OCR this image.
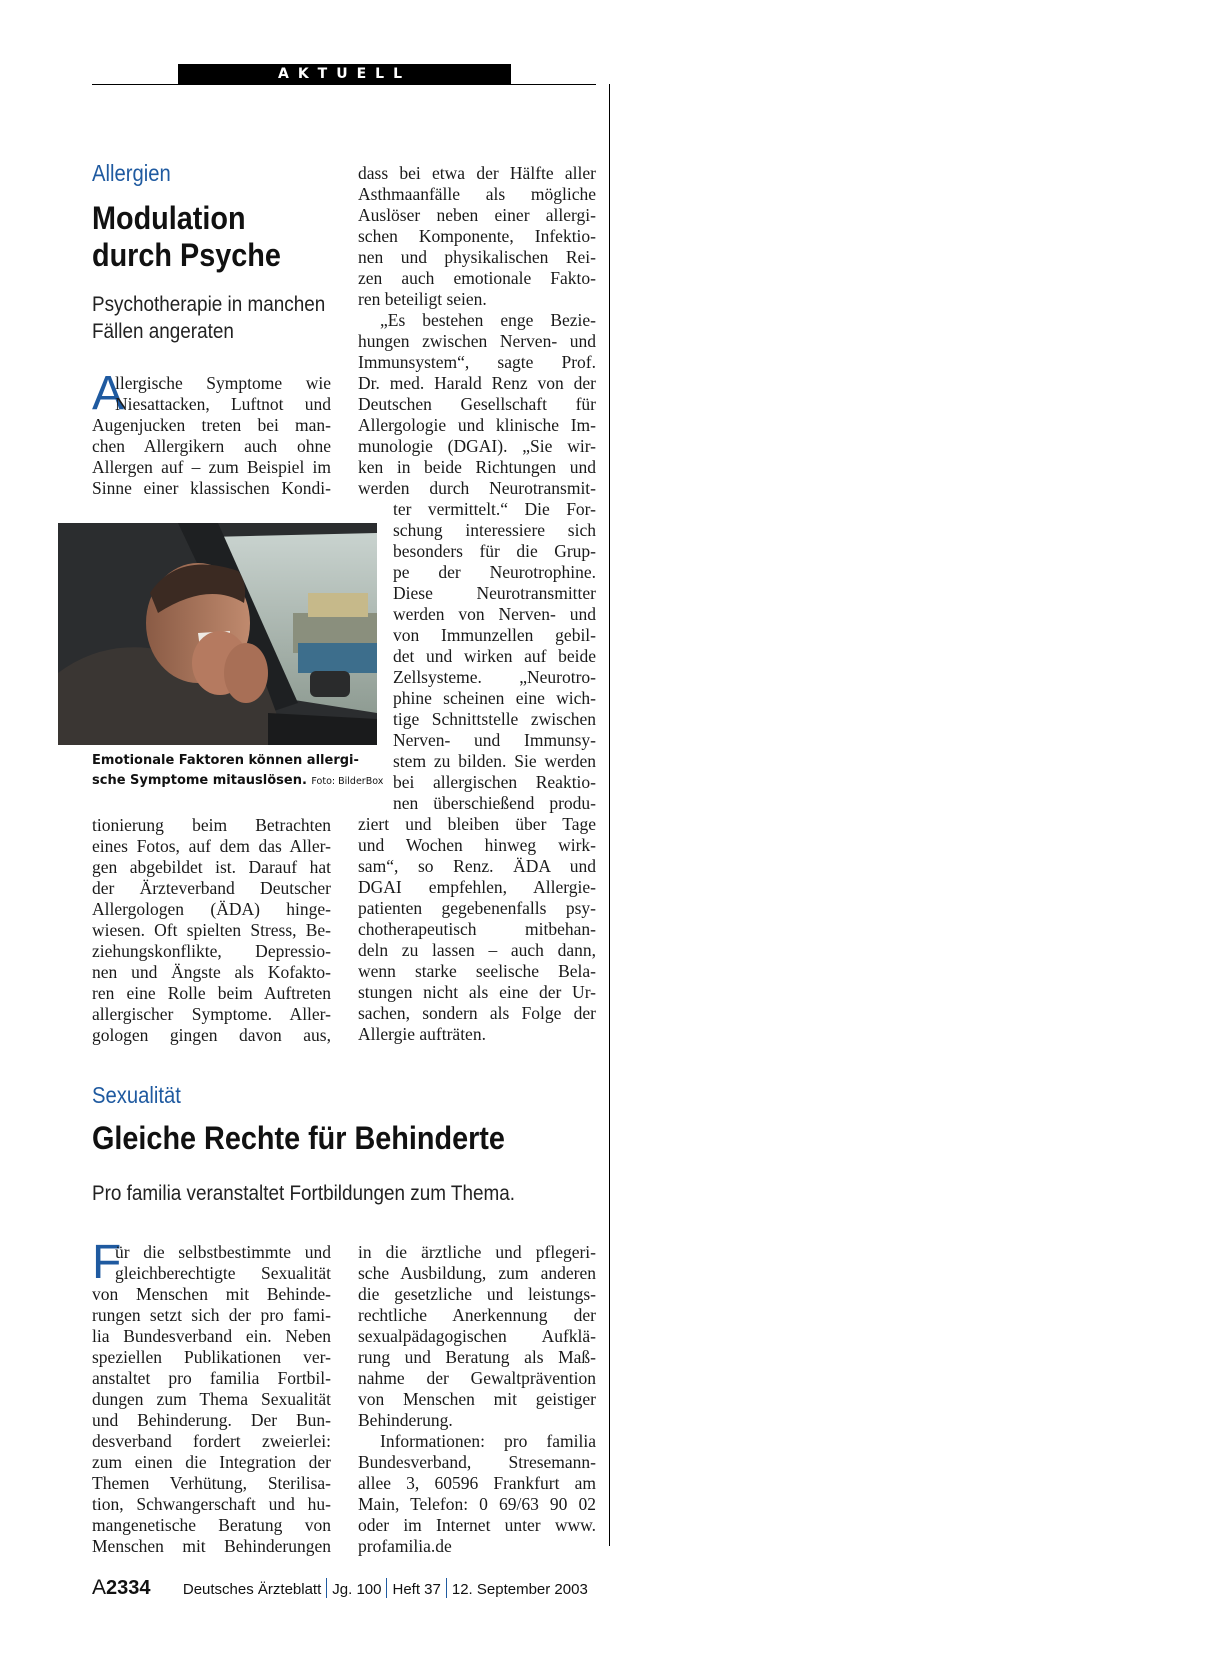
AKTUELL
Allergien
Modulation
durch Psyche
Psychotherapie in manchen
Fällen angeraten
A
llergische Symptome wie
Niesattacken, Luftnot und
Augenjucken treten bei man-
chen Allergikern auch ohne
Allergen auf – zum Beispiel im
Sinne einer klassischen Kondi-
Emotionale Faktoren können allergi-
sche Symptome mitauslösen. Foto: BilderBox
tionierung beim Betrachten
eines Fotos, auf dem das Aller-
gen abgebildet ist. Darauf hat
der Ärzteverband Deutscher
Allergologen (ÄDA) hinge-
wiesen. Oft spielten Stress, Be-
ziehungskonflikte, Depressio-
nen und Ängste als Kofakto-
ren eine Rolle beim Auftreten
allergischer Symptome. Aller-
gologen gingen davon aus,
dass bei etwa der Hälfte aller
Asthmaanfälle als mögliche
Auslöser neben einer allergi-
schen Komponente, Infektio-
nen und physikalischen Rei-
zen auch emotionale Fakto-
ren beteiligt seien.
„Es bestehen enge Bezie-
hungen zwischen Nerven- und
Immunsystem“, sagte Prof.
Dr. med. Harald Renz von der
Deutschen Gesellschaft für
Allergologie und klinische Im-
munologie (DGAI). „Sie wir-
ken in beide Richtungen und
werden durch Neurotransmit-
ter vermittelt.“ Die For-
schung interessiere sich
besonders für die Grup-
pe der Neurotrophine.
Diese Neurotransmitter
werden von Nerven- und
von Immunzellen gebil-
det und wirken auf beide
Zellsysteme. „Neurotro-
phine scheinen eine wich-
tige Schnittstelle zwischen
Nerven- und Immunsy-
stem zu bilden. Sie werden
bei allergischen Reaktio-
nen überschießend produ-
ziert und bleiben über Tage
und Wochen hinweg wirk-
sam“, so Renz. ÄDA und
DGAI empfehlen, Allergie-
patienten gegebenenfalls psy-
chotherapeutisch mitbehan-
deln zu lassen – auch dann,
wenn starke seelische Bela-
stungen nicht als eine der Ur-
sachen, sondern als Folge der
Allergie aufträten.
Sexualität
Gleiche Rechte für Behinderte
Pro familia veranstaltet Fortbildungen zum Thema.
F
ür die selbstbestimmte und
gleichberechtigte Sexualität
von Menschen mit Behinde-
rungen setzt sich der pro fami-
lia Bundesverband ein. Neben
speziellen Publikationen ver-
anstaltet pro familia Fortbil-
dungen zum Thema Sexualität
und Behinderung. Der Bun-
desverband fordert zweierlei:
zum einen die Integration der
Themen Verhütung, Sterilisa-
tion, Schwangerschaft und hu-
mangenetische Beratung von
Menschen mit Behinderungen
in die ärztliche und pflegeri-
sche Ausbildung, zum anderen
die gesetzliche und leistungs-
rechtliche Anerkennung der
sexualpädagogischen Aufklä-
rung und Beratung als Maß-
nahme der Gewaltprävention
von Menschen mit geistiger
Behinderung.
Informationen: pro familia
Bundesverband, Stresemann-
allee 3, 60596 Frankfurt am
Main, Telefon: 0 69/63 90 02
oder im Internet unter www.
profamilia.de
A2334 Deutsches Ärzteblatt Jg. 100 Heft 37 12. September 2003
